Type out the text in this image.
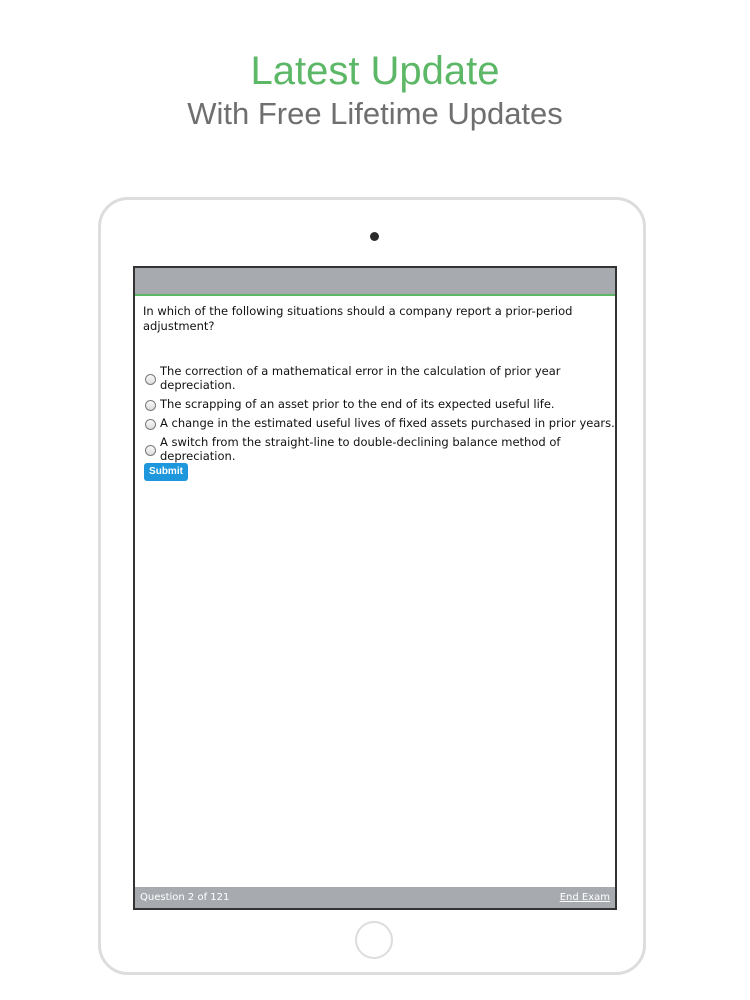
Latest Update
With Free Lifetime Updates
In which of the following situations should a company report a prior-period adjustment?
The correction of a mathematical error in the calculation of prior year depreciation.
The scrapping of an asset prior to the end of its expected useful life.
A change in the estimated useful lives of fixed assets purchased in prior years.
A switch from the straight-line to double-declining balance method of depreciation.
Submit
Question 2 of 121	End Exam
